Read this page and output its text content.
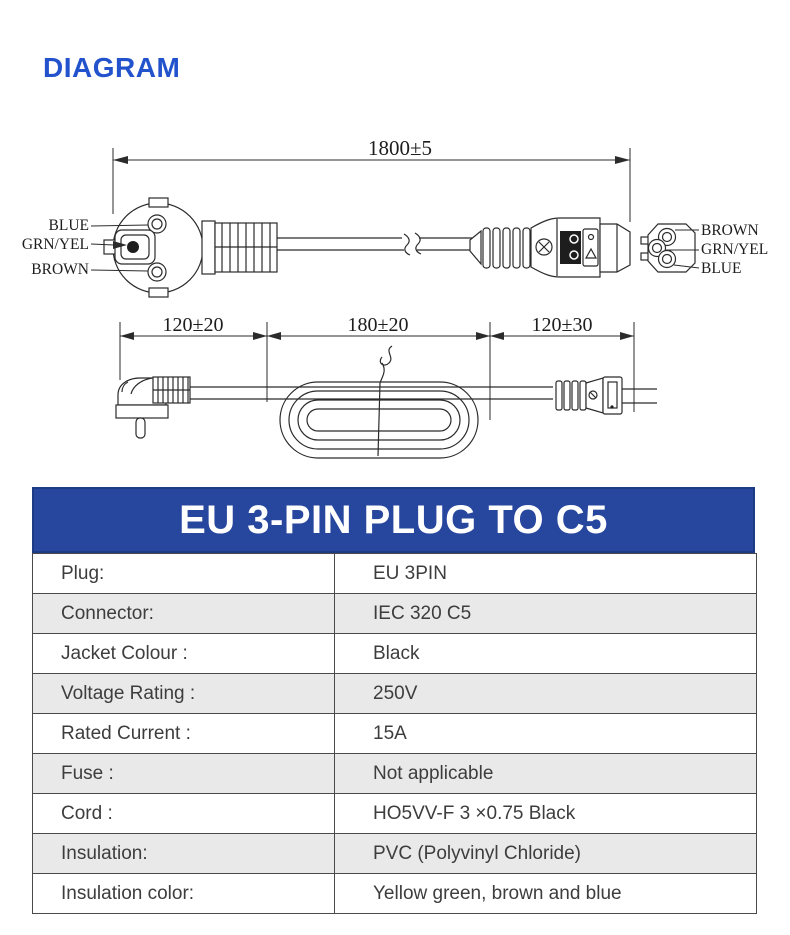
DIAGRAM
1800±5
BLUE
GRN/YEL
BROWN
BROWN
GRN/YEL
BLUE
120±20	180±20	120±30
EU 3-PIN PLUG TO C5
Plug:	EU 3PIN
Connector:	IEC 320 C5
Jacket Colour :	Black
Voltage Rating :	250V
Rated Current :	15A
Fuse :	Not applicable
Cord :	HO5VV-F 3 ×0.75 Black
Insulation:	PVC (Polyvinyl Chloride)
Insulation color:	Yellow green, brown and blue
